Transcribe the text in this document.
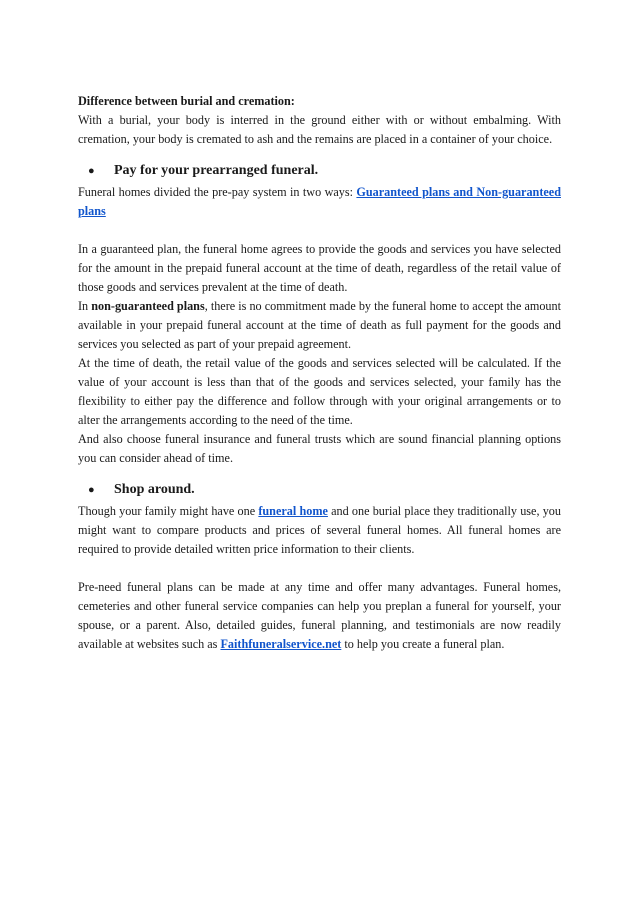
Difference between burial and cremation:

With a burial, your body is interred in the ground either with or without embalming. With cremation, your body is cremated to ash and the remains are placed in a container of your choice.

●	Pay for your prearranged funeral.

Funeral homes divided the pre-pay system in two ways: Guaranteed plans and Non-guaranteed plans

In a guaranteed plan, the funeral home agrees to provide the goods and services you have selected for the amount in the prepaid funeral account at the time of death, regardless of the retail value of those goods and services prevalent at the time of death.

In non-guaranteed plans, there is no commitment made by the funeral home to accept the amount available in your prepaid funeral account at the time of death as full payment for the goods and services you selected as part of your prepaid agreement.

At the time of death, the retail value of the goods and services selected will be calculated. If the value of your account is less than that of the goods and services selected, your family has the flexibility to either pay the difference and follow through with your original arrangements or to alter the arrangements according to the need of the time.

And also choose funeral insurance and funeral trusts which are sound financial planning options you can consider ahead of time.

●	Shop around.

Though your family might have one funeral home and one burial place they traditionally use, you might want to compare products and prices of several funeral homes. All funeral homes are required to provide detailed written price information to their clients.

Pre-need funeral plans can be made at any time and offer many advantages. Funeral homes, cemeteries and other funeral service companies can help you preplan a funeral for yourself, your spouse, or a parent. Also, detailed guides, funeral planning, and testimonials are now readily available at websites such as Faithfuneralservice.net to help you create a funeral plan.
